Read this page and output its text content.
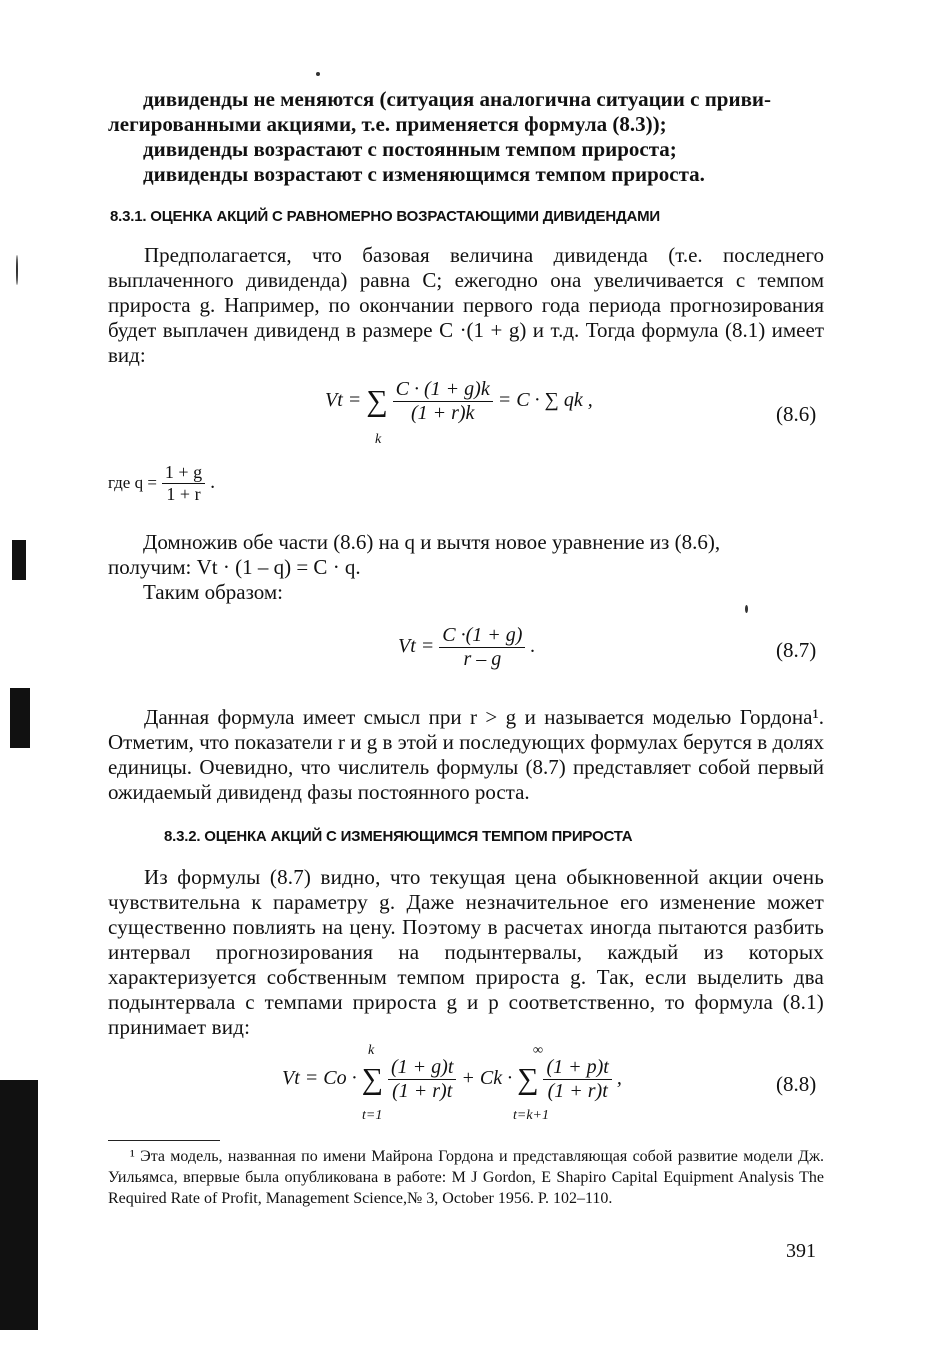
дивиденды не меняются (ситуация аналогична ситуации с приви-
легированными акциями, т.е. применяется формула (8.3));
дивиденды возрастают с постоянным темпом прироста;
дивиденды возрастают с изменяющимся темпом прироста.
8.3.1. ОЦЕНКА АКЦИЙ С РАВНОМЕРНО ВОЗРАСТАЮЩИМИ ДИВИДЕНДАМИ

Предполагается, что базовая величина дивиденда (т.е. последнего выплаченного дивиденда) равна C; ежегодно она увеличивается с темпом прироста g. Например, по окончании первого года периода прогнозирования будет выплачен дивиденд в размере C ·(1 + g) и т.д. Тогда формула (8.1) имеет вид:

Vt = ∑ $\frac{C \cdot (1 + g)k}{(1 + r)k} = C$ · ∑ qk ,
k
(8.6)
где $q = \frac{1 + g}{1 + r}$ .
Домножив обе части (8.6) на q и вычтя новое уравнение из (8.6),
получим: Vt · (1 – q) = C · q.
Таким образом:
$Vt = \frac{C \cdot(1 + g)}{r - g}$ .	(8.7)

Данная формула имеет смысл при r > g и называется моделью Гордона¹. Отметим, что показатели r и g в этой и последующих формулах берутся в долях единицы. Очевидно, что числитель формулы (8.7) представляет собой первый ожидаемый дивиденд фазы постоянного роста.

8.3.2. ОЦЕНКА АКЦИЙ С ИЗМЕНЯЮЩИМСЯ ТЕМПОМ ПРИРОСТА

Из формулы (8.7) видно, что текущая цена обыкновенной акции очень чувствительна к параметру g. Даже незначительное его изменение может существенно повлиять на цену. Поэтому в расчетах иногда пытаются разбить интервал прогнозирования на подынтервалы, каждый из которых характеризуется собственным темпом прироста g. Так, если выделить два подынтервала с темпами прироста g и p соответственно, то формула (8.1) принимает вид:

Vt = Co · ∑ $\frac{(1 + g)t}{(1 + r)t} + Ck$ · ∑ $\frac{(1 + p)t}{(1 + r)t}$ ,
k
t=1
∞
t=k+1
(8.8)

¹ Эта модель, названная по имени Майрона Гордона и представляющая собой развитие модели Дж. Уильямса, впервые была опубликована в работе: M J Gordon, E Shapiro Capital Equipment Analysis The Required Rate of Profit, Management Science,№ 3, October 1956. P. 102–110.

391
